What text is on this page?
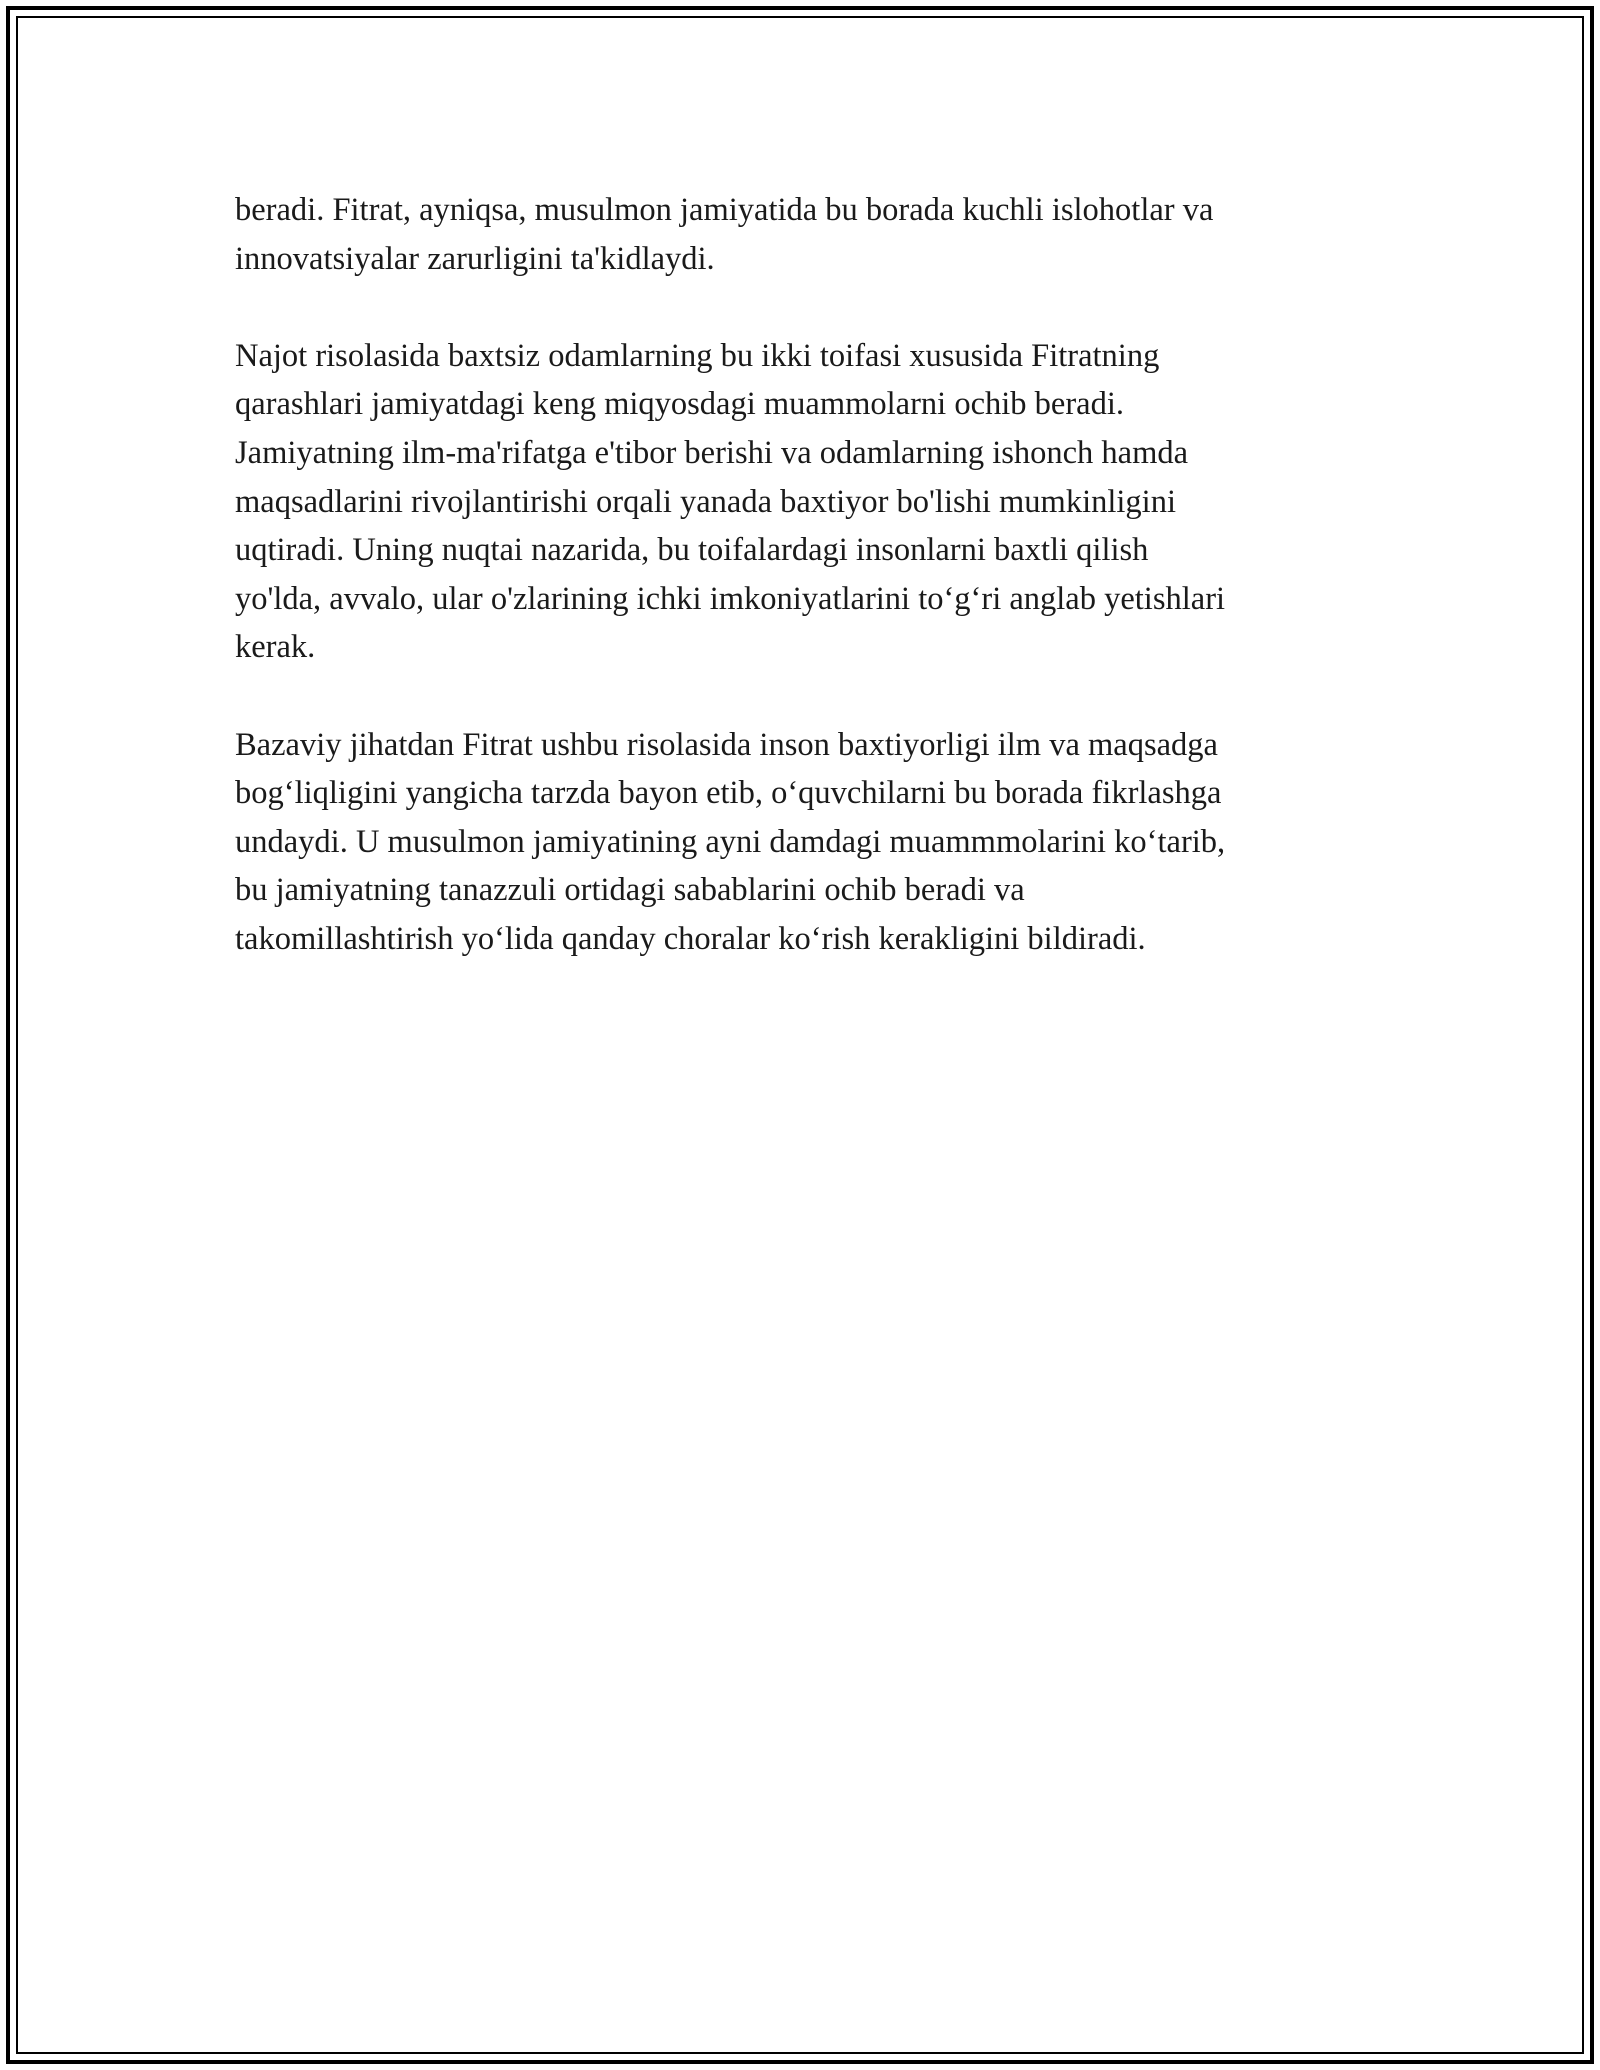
beradi. Fitrat, ayniqsa, musulmon jamiyatida bu borada kuchli islohotlar va
innovatsiyalar zarurligini ta'kidlaydi.

Najot risolasida baxtsiz odamlarning bu ikki toifasi xususida Fitratning
qarashlari jamiyatdagi keng miqyosdagi muammolarni ochib beradi.
Jamiyatning ilm-ma'rifatga e'tibor berishi va odamlarning ishonch hamda
maqsadlarini rivojlantirishi orqali yanada baxtiyor bo'lishi mumkinligini
uqtiradi. Uning nuqtai nazarida, bu toifalardagi insonlarni baxtli qilish
yo'lda, avvalo, ular o'zlarining ichki imkoniyatlarini to‘g‘ri anglab yetishlari
kerak.

Bazaviy jihatdan Fitrat ushbu risolasida inson baxtiyorligi ilm va maqsadga
bog‘liqligini yangicha tarzda bayon etib, o‘quvchilarni bu borada fikrlashga
undaydi. U musulmon jamiyatining ayni damdagi muammmolarini ko‘tarib,
bu jamiyatning tanazzuli ortidagi sabablarini ochib beradi va
takomillashtirish yo‘lida qanday choralar ko‘rish kerakligini bildiradi.
